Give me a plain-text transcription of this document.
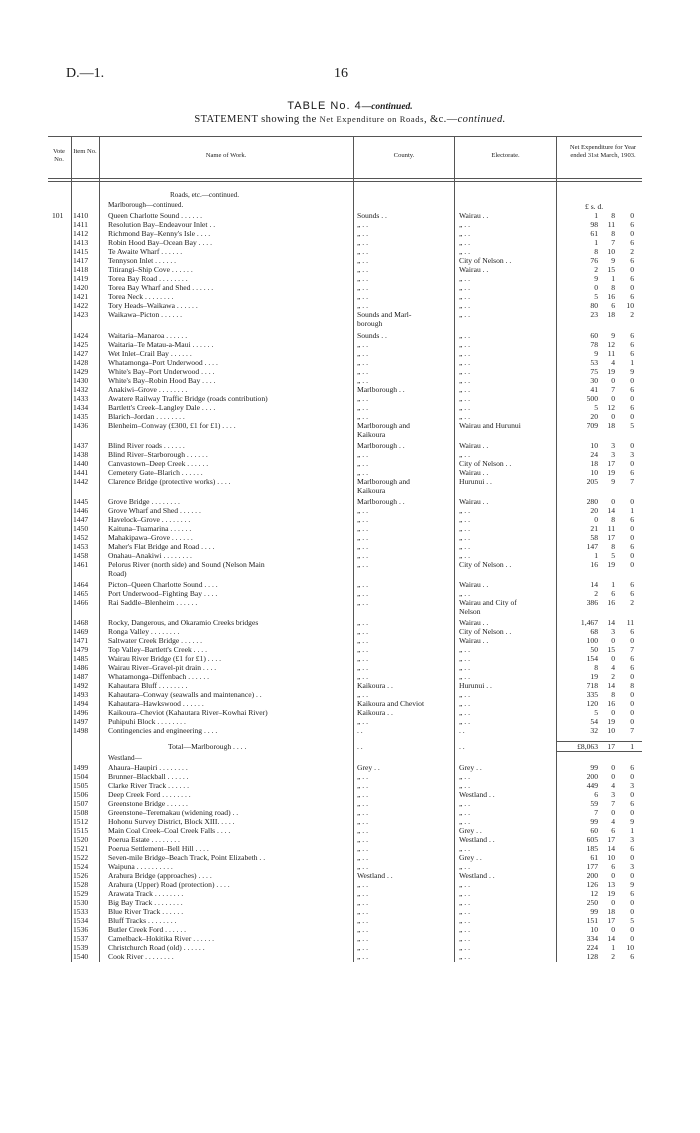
D.—1.	16
TABLE No. 4—continued.
STATEMENT showing the Net Expenditure on Roads, &c.—continued.
Vote No.
Item No.
Name of Work.	County.	Electorate.
Net Expenditure for Year ended 31st March, 1903.
Roads, etc.—continued.
Marlborough—continued.	£ s. d.
101	1410	Queen Charlotte Sound . . . . . .	Sounds . .	Wairau . .	1	8	0
1411	Resolution Bay–Endeavour Inlet . .	„ . .	„ . .	98	11	6
1412	Richmond Bay–Kenny's Isle . . . .	„ . .	„ . .	61	8	0
1413	Robin Hood Bay–Ocean Bay . . . .	„ . .	„ . .	1	7	6
1415	Te Awaite Wharf . . . . . .	„ . .	„ . .	8	10	2
1417	Tennyson Inlet . . . . . .	„ . .	City of Nelson . .	76	9	6
1418	Titirangi–Ship Cove . . . . . .	„ . .	Wairau . .	2	15	0
1419	Torea Bay Road . . . . . . . .	„ . .	„ . .	9	1	6
1420	Torea Bay Wharf and Shed . . . . . .	„ . .	„ . .	0	8	0
1421	Torea Neck . . . . . . . .	„ . .	„ . .	5	16	6
1422	Tory Heads–Waikawa . . . . . .	„ . .	„ . .	80	6	10
1423	Waikawa–Picton . . . . . .	Sounds and Marl-	„ . .	23	18	2
borough
1424	Waitaria–Manaroa . . . . . .	Sounds . .	„ . .	60	9	6
1425	Waitaria–Te Matau-a-Maui . . . . . .	„ . .	„ . .	78	12	6
1427	Wet Inlet–Crail Bay . . . . . .	„ . .	„ . .	9	11	6
1428	Whatamonga–Port Underwood . . . .	„ . .	„ . .	53	4	1
1429	White's Bay–Port Underwood . . . .	„ . .	„ . .	75	19	9
1430	White's Bay–Robin Hood Bay . . . .	„ . .	„ . .	30	0	0
1432	Anakiwi–Grove . . . . . . . .	Marlborough . .	„ . .	41	7	6
1433	Awatere Railway Traffic Bridge (roads contribution)	„ . .	„ . .	500	0	0
1434	Bartlett's Creek–Langley Dale . . . .	„ . .	„ . .	5	12	6
1435	Blarich–Jordan . . . . . . . .	„ . .	„ . .	20	0	0
1436	Blenheim–Conway (£300, £1 for £1) . . . .	Marlborough and	Wairau and Hurunui	709	18	5
Kaikoura
1437	Blind River roads . . . . . .	Marlborough . .	Wairau . .	10	3	0
1438	Blind River–Starborough . . . . . .	„ . .	„ . .	24	3	3
1440	Canvastown–Deep Creek . . . . . .	„ . .	City of Nelson . .	18	17	0
1441	Cemetery Gate–Blarich . . . . . .	„ . .	Wairau . .	10	19	6
1442	Clarence Bridge (protective works) . . . .	Marlborough and	Hurunui . .	205	9	7
Kaikoura
1445	Grove Bridge . . . . . . . .	Marlborough . .	Wairau . .	280	0	0
1446	Grove Wharf and Shed . . . . . .	„ . .	„ . .	20	14	1
1447	Havelock–Grove . . . . . . . .	„ . .	„ . .	0	8	6
1450	Kaituna–Tuamarina . . . . . .	„ . .	„ . .	21	11	0
1452	Mahakipawa–Grove . . . . . .	„ . .	„ . .	58	17	0
1453	Maher's Flat Bridge and Road . . . .	„ . .	„ . .	147	8	6
1458	Onahau–Anakiwi . . . . . . . .	„ . .	„ . .	1	5	0
1461	Pelorus River (north side) and Sound (Nelson Main	„ . .	City of Nelson . .	16	19	0
Road)
1464	Picton–Queen Charlotte Sound . . . .	„ . .	Wairau . .	14	1	6
1465	Port Underwood–Fighting Bay . . . .	„ . .	„ . .	2	6	6
1466	Rai Saddle–Blenheim . . . . . .	„ . .	Wairau and City of	386	16	2
Nelson
1468	Rocky, Dangerous, and Okaramio Creeks bridges	„ . .	Wairau . .	1,467	14	11
1469	Ronga Valley . . . . . . . .	„ . .	City of Nelson . .	68	3	6
1471	Saltwater Creek Bridge . . . . . .	„ . .	Wairau . .	100	0	0
1479	Top Valley–Bartlett's Creek . . . .	„ . .	„ . .	50	15	7
1485	Wairau River Bridge (£1 for £1) . . . .	„ . .	„ . .	154	0	6
1486	Wairau River–Gravel-pit drain . . . .	„ . .	„ . .	8	4	6
1487	Whatamonga–Diffenbach . . . . . .	„ . .	„ . .	19	2	0
1492	Kahautara Bluff . . . . . . . .	Kaikoura . .	Hurunui . .	718	14	8
1493	Kahautara–Conway (seawalls and maintenance) . .	„ . .	„ . .	335	8	0
1494	Kahautara–Hawkswood . . . . . .	Kaikoura and Cheviot	„ . .	120	16	0
1496	Kaikoura–Cheviot (Kahautara River–Kowhai River)	Kaikoura . .	„ . .	5	0	0
1497	Puhipuhi Block . . . . . . . .	„ . .	„ . .	54	19	0
1498	Contingencies and engineering . . . .	. .	. .	32	10	7
Total—Marlborough . . . .	. .	. .	£8,063	17	1
Westland—
1499	Ahaura–Haupiri . . . . . . . .	Grey . .	Grey . .	99	0	6
1504	Brunner–Blackball . . . . . .	„ . .	„ . .	200	0	0
1505	Clarke River Track . . . . . .	„ . .	„ . .	449	4	3
1506	Deep Creek Ford . . . . . . . .	„ . .	Westland . .	6	3	0
1507	Greenstone Bridge . . . . . .	„ . .	„ . .	59	7	6
1508	Greenstone–Teremakau (widening road) . .	„ . .	„ . .	7	0	0
1512	Hohonu Survey District, Block XIII. . . . .	„ . .	„ . .	99	4	9
1515	Main Coal Creek–Coal Creek Falls . . . .	„ . .	Grey . .	60	6	1
1520	Poerua Estate . . . . . . . .	„ . .	Westland . .	605	17	3
1521	Poerua Settlement–Bell Hill . . . .	„ . .	„ . .	185	14	6
1522	Seven-mile Bridge–Beach Track, Point Elizabeth . .	„ . .	Grey . .	61	10	0
1524	Waipuna . . . . . . . . . .	„ . .	„ . .	177	6	3
1526	Arahura Bridge (approaches) . . . .	Westland . .	Westland . .	200	0	0
1528	Arahura (Upper) Road (protection) . . . .	„ . .	„ . .	126	13	9
1529	Arawata Track . . . . . . . .	„ . .	„ . .	12	19	6
1530	Big Bay Track . . . . . . . .	„ . .	„ . .	250	0	0
1533	Blue River Track . . . . . .	„ . .	„ . .	99	18	0
1534	Bluff Tracks . . . . . . . .	„ . .	„ . .	151	17	5
1536	Butler Creek Ford . . . . . .	„ . .	„ . .	10	0	0
1537	Camelback–Hokitika River . . . . . .	„ . .	„ . .	334	14	0
1539	Christchurch Road (old) . . . . . .	„ . .	„ . .	224	1	10
1540	Cook River . . . . . . . .	„ . .	„ . .	128	2	6
